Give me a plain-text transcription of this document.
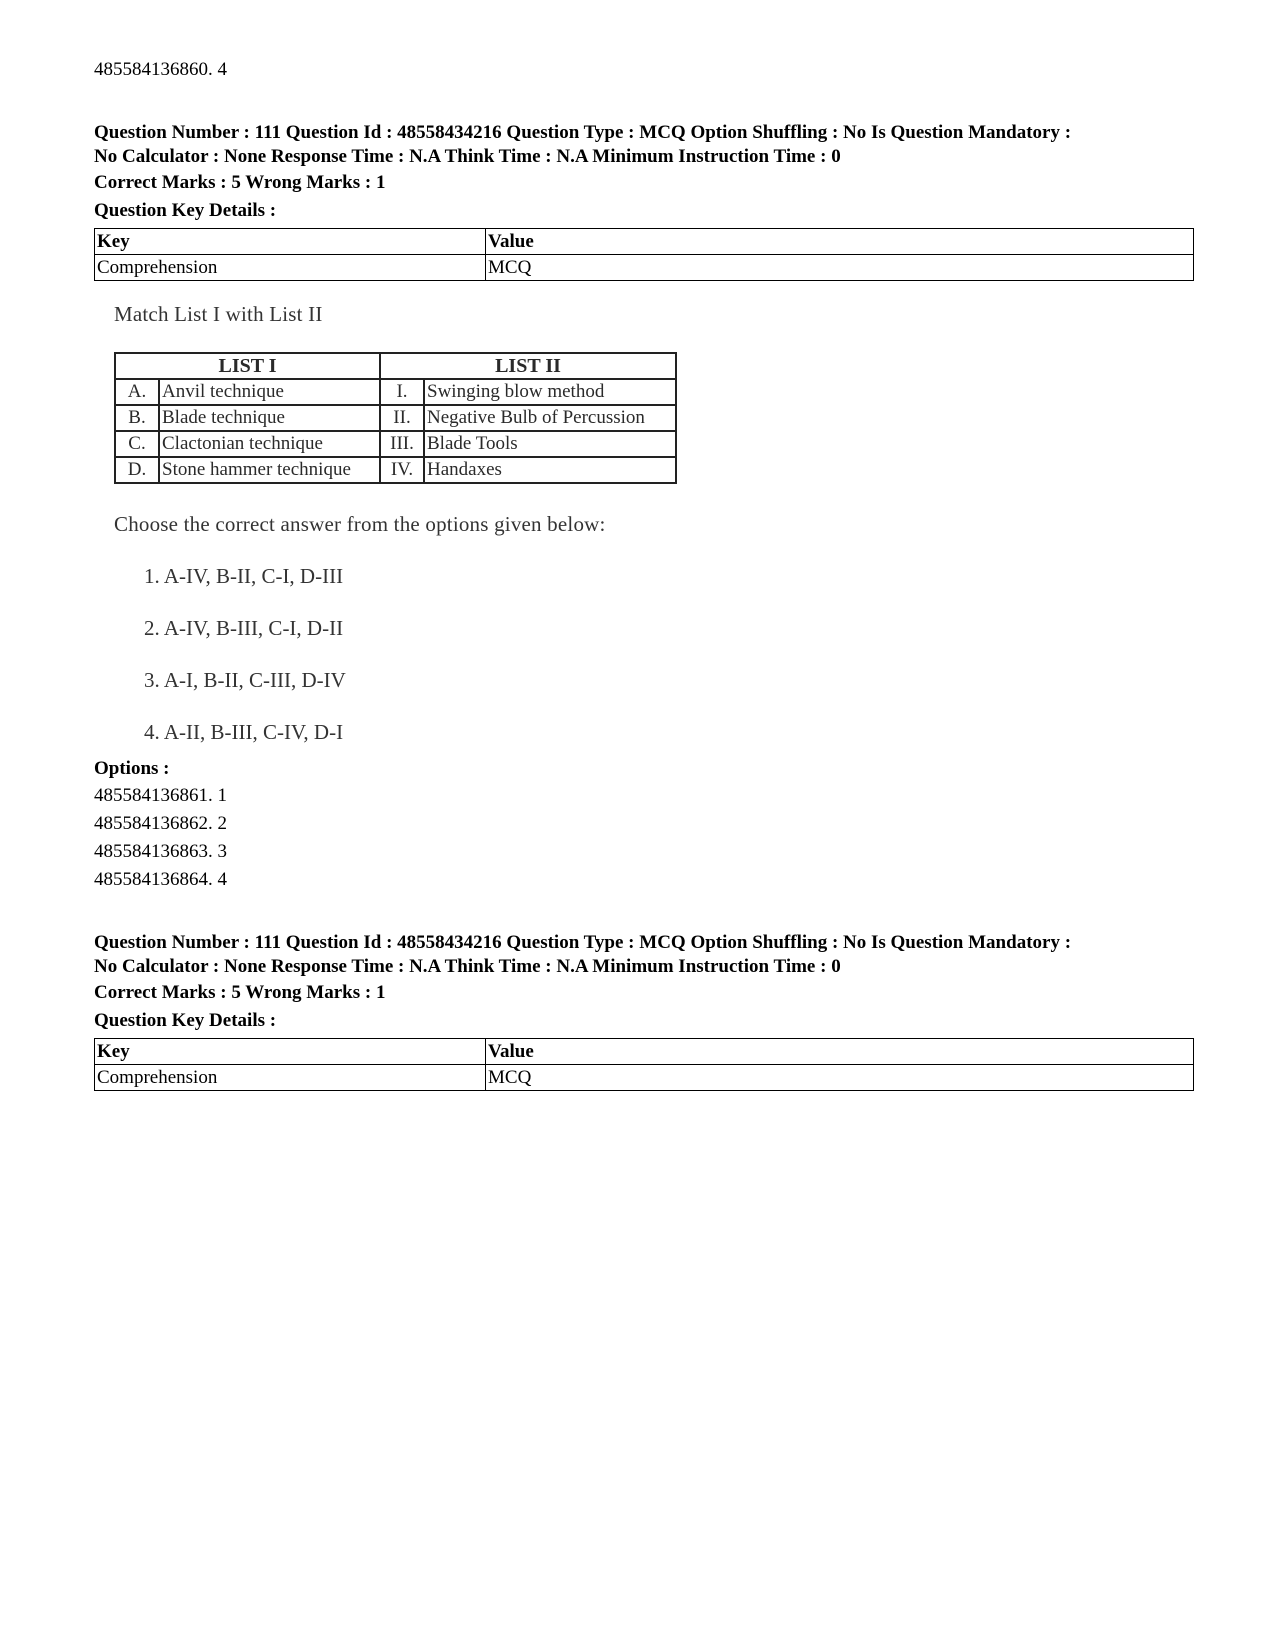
485584136860. 4
Question Number : 111 Question Id : 48558434216 Question Type : MCQ Option Shuffling : No Is Question Mandatory :
No Calculator : None Response Time : N.A Think Time : N.A Minimum Instruction Time : 0
Correct Marks : 5 Wrong Marks : 1
Question Key Details :
Key	Value
Comprehension	MCQ
Match List I with List II
LIST I		LIST II	
A.	Anvil technique	I.	Swinging blow method
B.	Blade technique	II.	Negative Bulb of Percussion
C.	Clactonian technique	III.	Blade Tools
D.	Stone hammer technique	IV.	Handaxes
Choose the correct answer from the options given below:
1. A-IV, B-II, C-I, D-III
2. A-IV, B-III, C-I, D-II
3. A-I, B-II, C-III, D-IV
4. A-II, B-III, C-IV, D-I
Options :
485584136861. 1
485584136862. 2
485584136863. 3
485584136864. 4
Question Number : 111 Question Id : 48558434216 Question Type : MCQ Option Shuffling : No Is Question Mandatory :
No Calculator : None Response Time : N.A Think Time : N.A Minimum Instruction Time : 0
Correct Marks : 5 Wrong Marks : 1
Question Key Details :
Key	Value
Comprehension	MCQ
